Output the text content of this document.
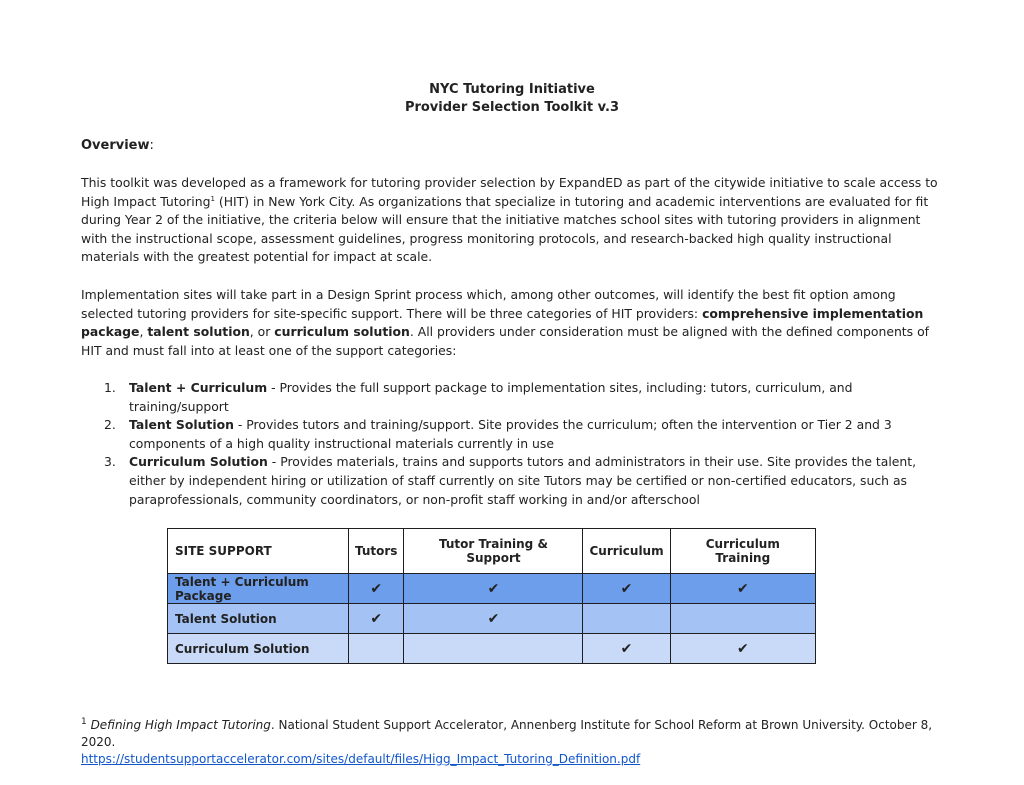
NYC Tutoring Initiative
Provider Selection Toolkit v.3
Overview:
This toolkit was developed as a framework for tutoring provider selection by ExpandED as part of the citywide initiative to scale access to High Impact Tutoring$^1$ (HIT) in New York City. As organizations that specialize in tutoring and academic interventions are evaluated for fit during Year 2 of the initiative, the criteria below will ensure that the initiative matches school sites with tutoring providers in alignment with the instructional scope, assessment guidelines, progress monitoring protocols, and research-backed high quality instructional materials with the greatest potential for impact at scale.
Implementation sites will take part in a Design Sprint process which, among other outcomes, will identify the best fit option among selected tutoring providers for site-specific support. There will be three categories of HIT providers: comprehensive implementation package, talent solution, or curriculum solution. All providers under consideration must be aligned with the defined components of HIT and must fall into at least one of the support categories:
1. Talent + Curriculum - Provides the full support package to implementation sites, including: tutors, curriculum, and training/support
2. Talent Solution - Provides tutors and training/support. Site provides the curriculum; often the intervention or Tier 2 and 3 components of a high quality instructional materials currently in use
3. Curriculum Solution - Provides materials, trains and supports tutors and administrators in their use. Site provides the talent, either by independent hiring or utilization of staff currently on site Tutors may be certified or non-certified educators, such as paraprofessionals, community coordinators, or non-profit staff working in and/or afterschool
SITE SUPPORT	Tutors	Tutor Training & Support	Curriculum	Curriculum Training
Talent + Curriculum Package	✔	✔	✔	✔
Talent Solution	✔	✔		
Curriculum Solution			✔	✔
$^1$ Defining High Impact Tutoring. National Student Support Accelerator, Annenberg Institute for School Reform at Brown University. October 8, 2020.
https://studentsupportaccelerator.com/sites/default/files/Higg_Impact_Tutoring_Definition.pdf
